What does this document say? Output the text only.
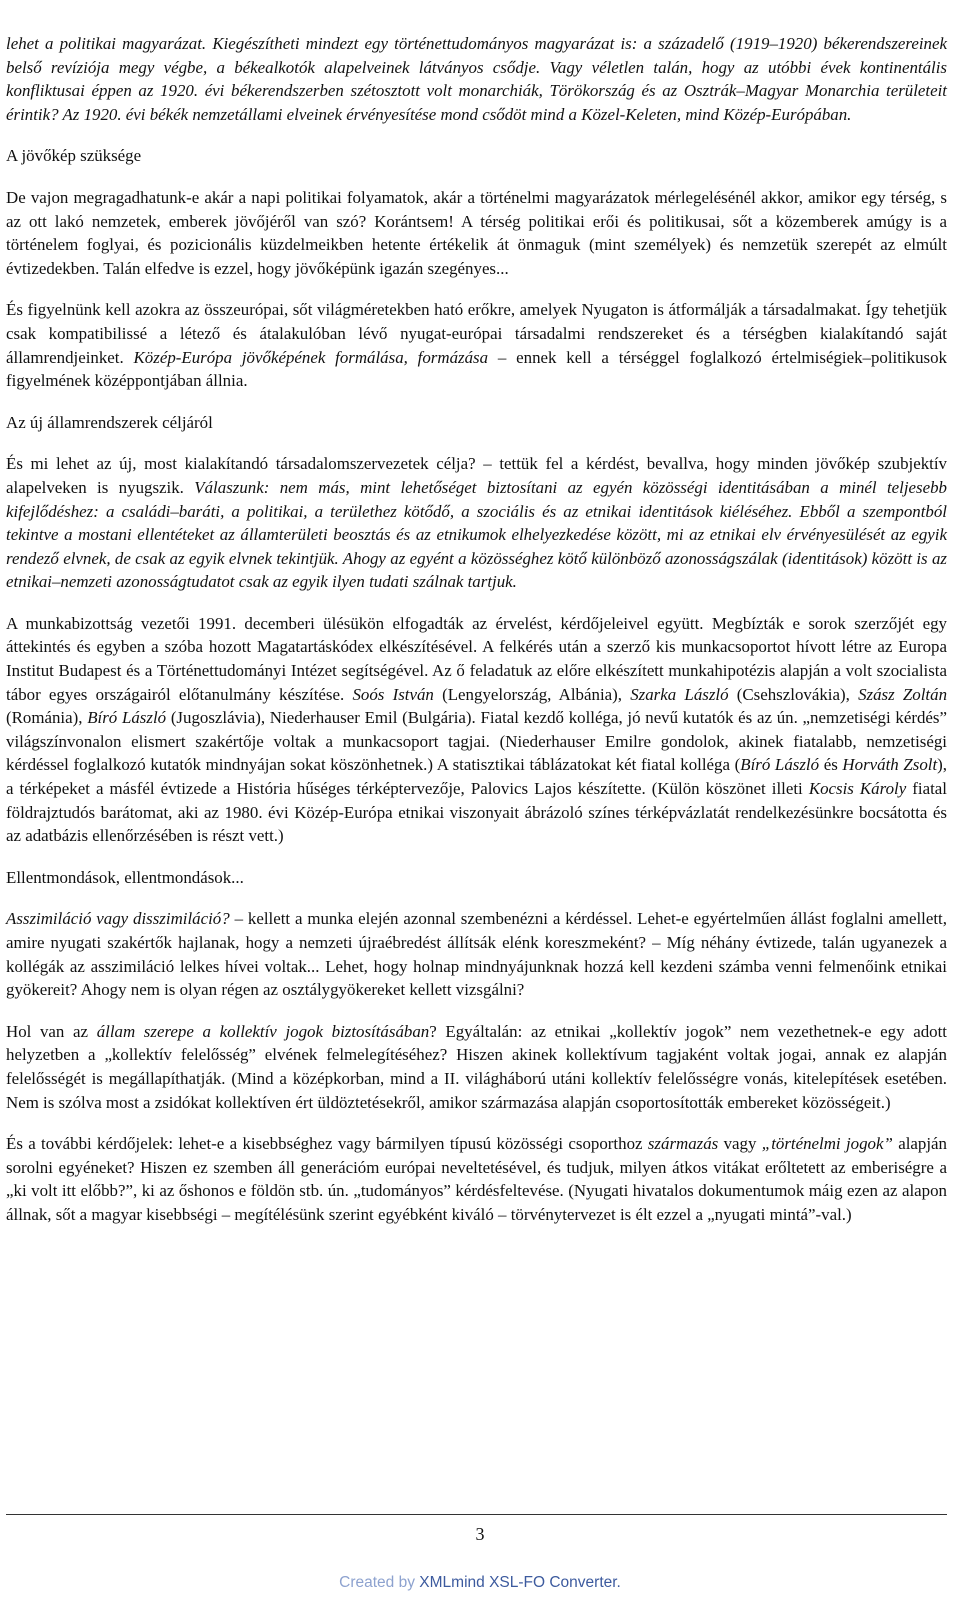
lehet a politikai magyarázat. Kiegészítheti mindezt egy történettudományos magyarázat is: a századelő (1919–1920) békerendszereinek belső revíziója megy végbe, a békealkotók alapelveinek látványos csődje. Vagy véletlen talán, hogy az utóbbi évek kontinentális konfliktusai éppen az 1920. évi békerendszerben szétosztott volt monarchiák, Törökország és az Osztrák–Magyar Monarchia területeit érintik? Az 1920. évi békék nemzetállami elveinek érvényesítése mond csődöt mind a Közel-Keleten, mind Közép-Európában.

A jövőkép szüksége

De vajon megragadhatunk-e akár a napi politikai folyamatok, akár a történelmi magyarázatok mérlegelésénél akkor, amikor egy térség, s az ott lakó nemzetek, emberek jövőjéről van szó? Korántsem! A térség politikai erői és politikusai, sőt a közemberek amúgy is a történelem foglyai, és pozicionális küzdelmeikben hetente értékelik át önmaguk (mint személyek) és nemzetük szerepét az elmúlt évtizedekben. Talán elfedve is ezzel, hogy jövőképünk igazán szegényes...

És figyelnünk kell azokra az összeurópai, sőt világméretekben ható erőkre, amelyek Nyugaton is átformálják a társadalmakat. Így tehetjük csak kompatibilissé a létező és átalakulóban lévő nyugat-európai társadalmi rendszereket és a térségben kialakítandó saját államrendjeinket. Közép-Európa jövőképének formálása, formázása – ennek kell a térséggel foglalkozó értelmiségiek–politikusok figyelmének középpontjában állnia.

Az új államrendszerek céljáról

És mi lehet az új, most kialakítandó társadalomszervezetek célja? – tettük fel a kérdést, bevallva, hogy minden jövőkép szubjektív alapelveken is nyugszik. Válaszunk: nem más, mint lehetőséget biztosítani az egyén közösségi identitásában a minél teljesebb kifejlődéshez: a családi–baráti, a politikai, a területhez kötődő, a szociális és az etnikai identitások kiéléséhez. Ebből a szempontból tekintve a mostani ellentéteket az államterületi beosztás és az etnikumok elhelyezkedése között, mi az etnikai elv érvényesülését az egyik rendező elvnek, de csak az egyik elvnek tekintjük. Ahogy az egyént a közösséghez kötő különböző azonosságszálak (identitások) között is az etnikai–nemzeti azonosságtudatot csak az egyik ilyen tudati szálnak tartjuk.

A munkabizottság vezetői 1991. decemberi ülésükön elfogadták az érvelést, kérdőjeleivel együtt. Megbízták e sorok szerzőjét egy áttekintés és egyben a szóba hozott Magatartáskódex elkészítésével. A felkérés után a szerző kis munkacsoportot hívott létre az Europa Institut Budapest és a Történettudományi Intézet segítségével. Az ő feladatuk az előre elkészített munkahipotézis alapján a volt szocialista tábor egyes országairól előtanulmány készítése. Soós István (Lengyelország, Albánia), Szarka László (Csehszlovákia), Szász Zoltán (Románia), Bíró László (Jugoszlávia), Niederhauser Emil (Bulgária). Fiatal kezdő kolléga, jó nevű kutatók és az ún. „nemzetiségi kérdés” világszínvonalon elismert szakértője voltak a munkacsoport tagjai. (Niederhauser Emilre gondolok, akinek fiatalabb, nemzetiségi kérdéssel foglalkozó kutatók mindnyájan sokat köszönhetnek.) A statisztikai táblázatokat két fiatal kolléga (Bíró László és Horváth Zsolt), a térképeket a másfél évtizede a História hűséges térképtervezője, Palovics Lajos készítette. (Külön köszönet illeti Kocsis Károly fiatal földrajztudós barátomat, aki az 1980. évi Közép-Európa etnikai viszonyait ábrázoló színes térképvázlatát rendelkezésünkre bocsátotta és az adatbázis ellenőrzésében is részt vett.)

Ellentmondások, ellentmondások...

Asszimiláció vagy disszimiláció? – kellett a munka elején azonnal szembenézni a kérdéssel. Lehet-e egyértelműen állást foglalni amellett, amire nyugati szakértők hajlanak, hogy a nemzeti újraébredést állítsák elénk koreszmeként? – Míg néhány évtizede, talán ugyanezek a kollégák az asszimiláció lelkes hívei voltak... Lehet, hogy holnap mindnyájunknak hozzá kell kezdeni számba venni felmenőink etnikai gyökereit? Ahogy nem is olyan régen az osztálygyökereket kellett vizsgálni?

Hol van az állam szerepe a kollektív jogok biztosításában? Egyáltalán: az etnikai „kollektív jogok” nem vezethetnek-e egy adott helyzetben a „kollektív felelősség” elvének felmelegítéséhez? Hiszen akinek kollektívum tagjaként voltak jogai, annak ez alapján felelősségét is megállapíthatják. (Mind a középkorban, mind a II. világháború utáni kollektív felelősségre vonás, kitelepítések esetében. Nem is szólva most a zsidókat kollektíven ért üldöztetésekről, amikor származása alapján csoportosították embereket közösségeit.)

És a további kérdőjelek: lehet-e a kisebbséghez vagy bármilyen típusú közösségi csoporthoz származás vagy „történelmi jogok” alapján sorolni egyéneket? Hiszen ez szemben áll generációm európai neveltetésével, és tudjuk, milyen átkos vitákat erőltetett az emberiségre a „ki volt itt előbb?”, ki az őshonos e földön stb. ún. „tudományos” kérdésfeltevése. (Nyugati hivatalos dokumentumok máig ezen az alapon állnak, sőt a magyar kisebbségi – megítélésünk szerint egyébként kiváló – törvénytervezet is élt ezzel a „nyugati mintá”-val.)

3
Created by XMLmind XSL-FO Converter.
